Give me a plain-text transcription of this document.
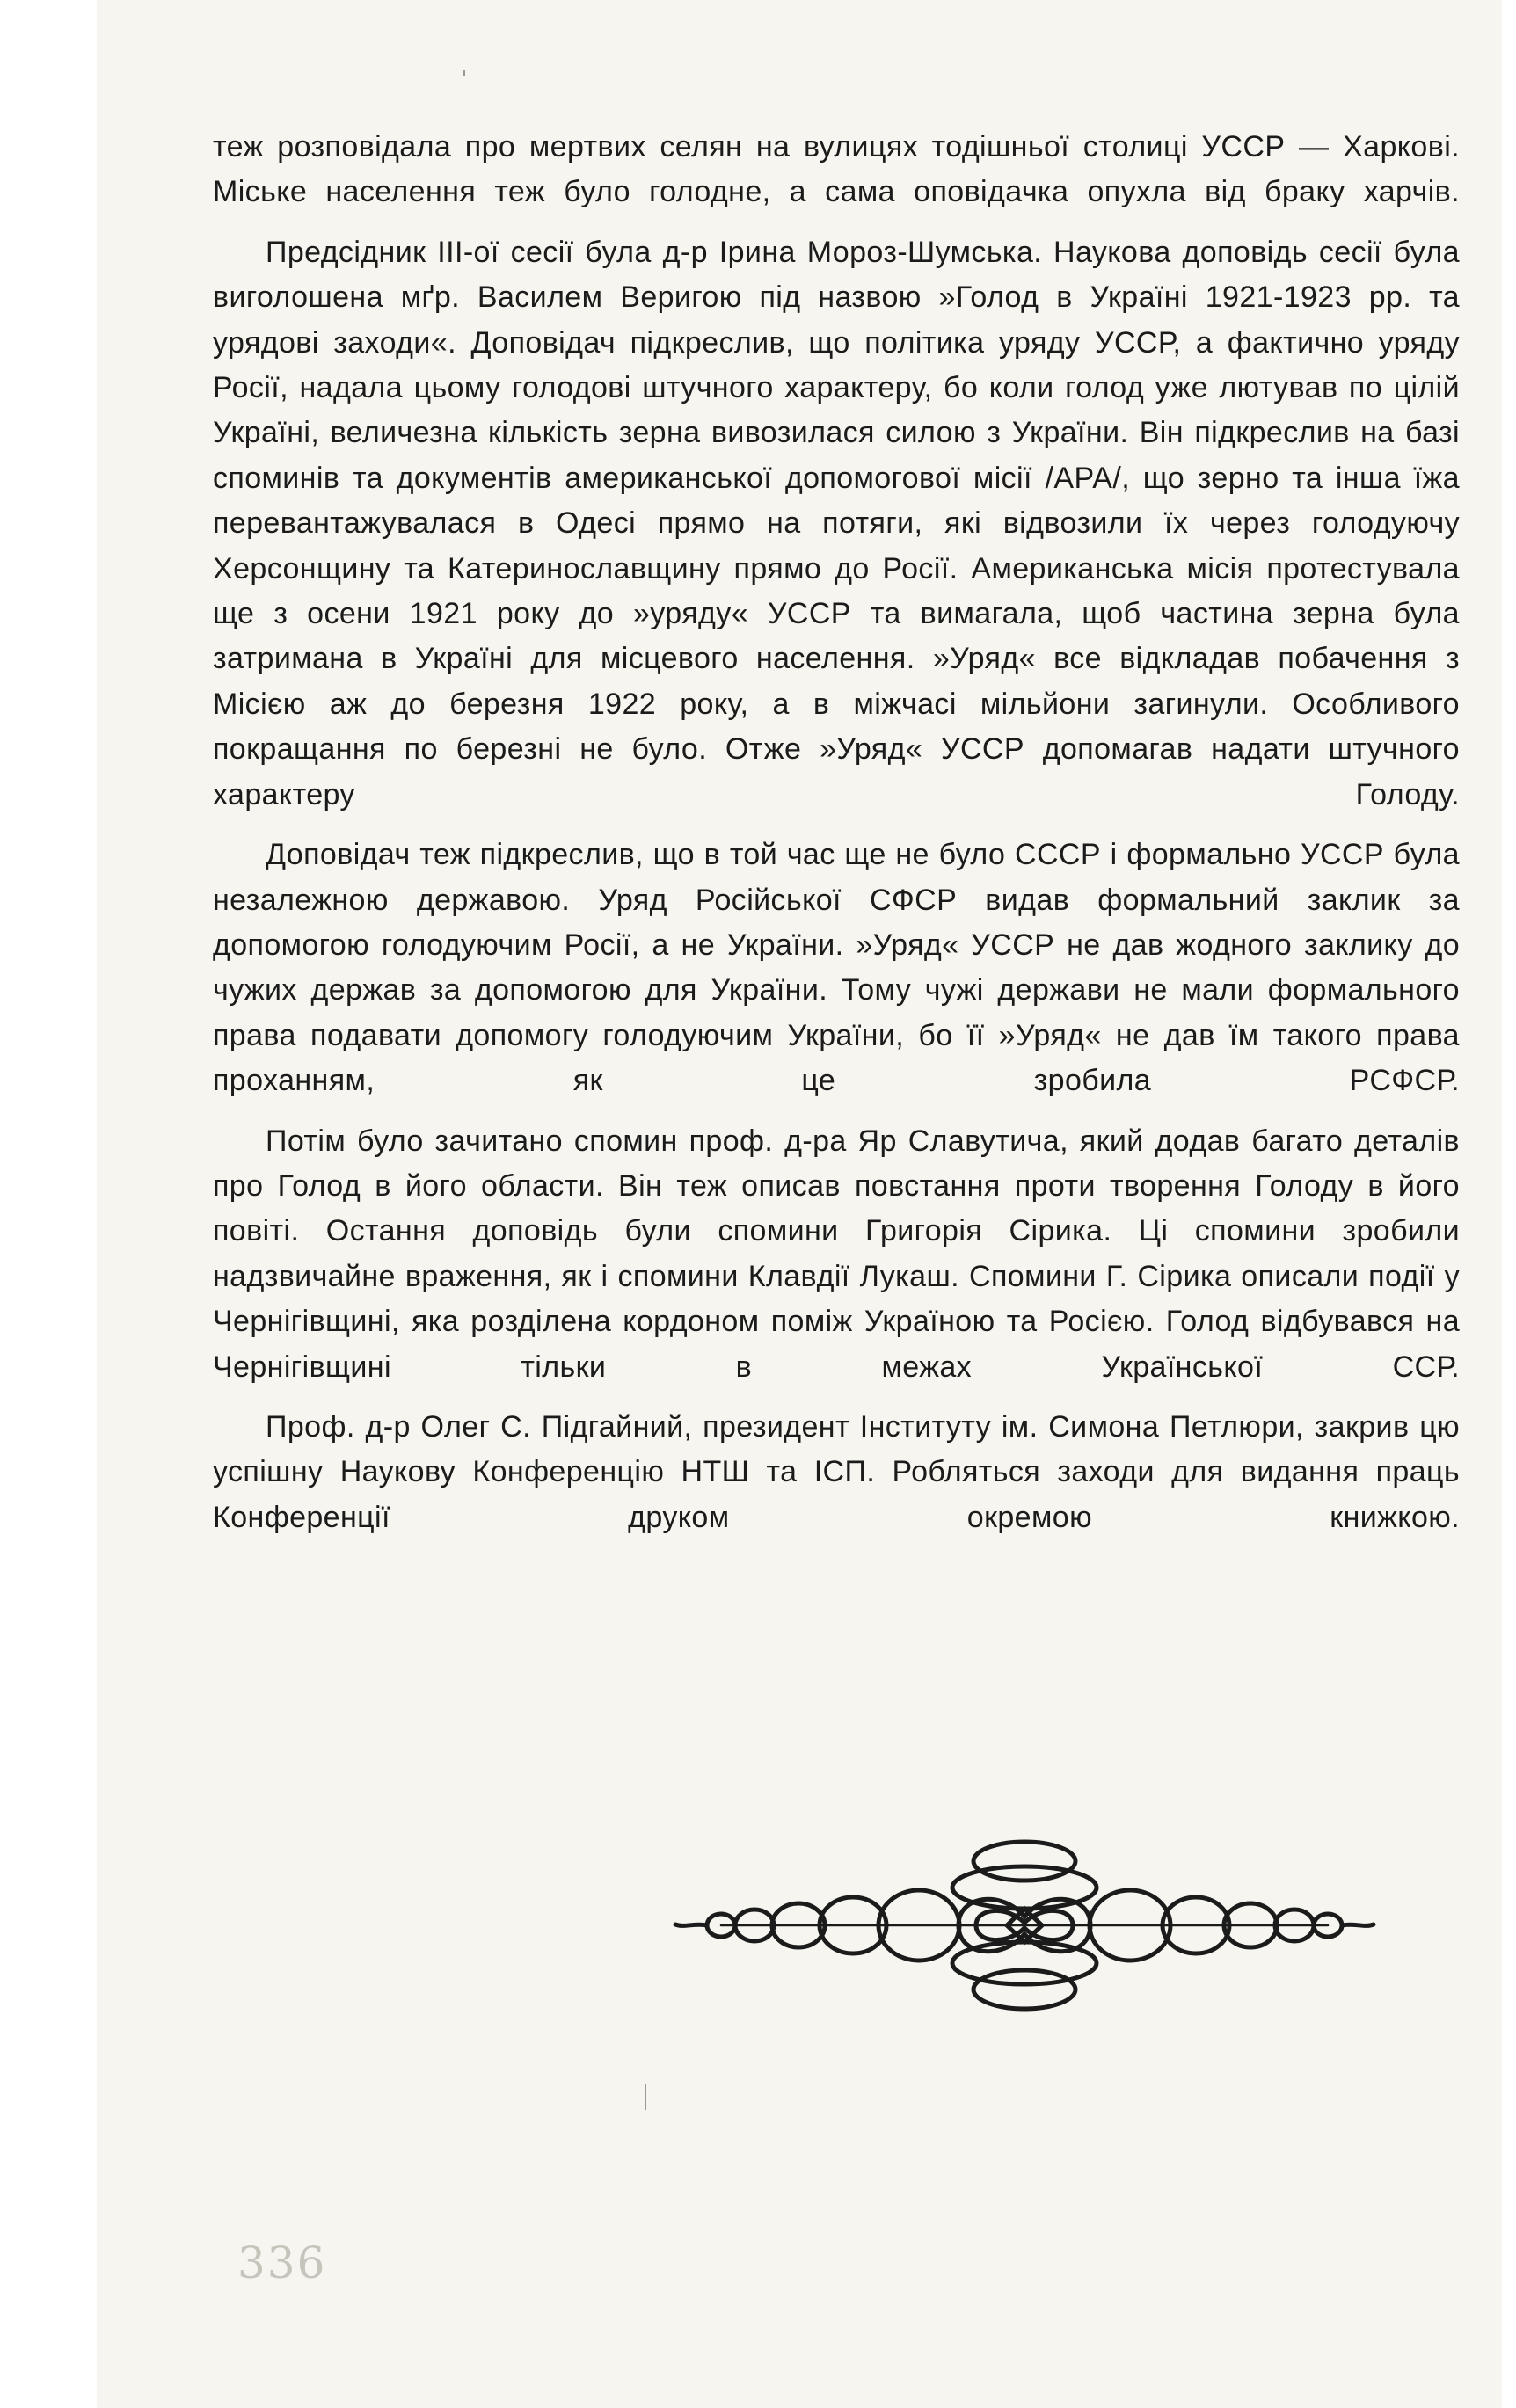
теж розповідала про мертвих селян на вулицях тодішньої столиці УССР — Харкові. Міське населення теж було голодне, а сама оповідачка опухла від браку харчів.

Предсідник ІІІ-ої сесії була д-р Ірина Мороз-Шумська. Наукова доповідь сесії була виголошена мґр. Василем Веригою під назвою »Голод в Україні 1921-1923 рр. та урядові заходи«. Доповідач підкреслив, що політика уряду УССР, а фактично уряду Росії, надала цьому голодові штучного характеру, бо коли голод уже лютував по цілій Україні, величезна кількість зерна вивозилася силою з України. Він підкреслив на базі споминів та документів американської допомогової місії /АРА/, що зерно та інша їжа перевантажувалася в Одесі прямо на потяги, які відвозили їх через голодуючу Херсонщину та Катеринославщину прямо до Росії. Американська місія протестувала ще з осени 1921 року до »уряду« УССР та вимагала, щоб частина зерна була затримана в Україні для місцевого населення. »Уряд« все відкладав побачення з Місією аж до березня 1922 року, а в міжчасі мільйони загинули. Особливого покращання по березні не було. Отже »Уряд« УССР допомагав надати штучного характеру Голоду.

Доповідач теж підкреслив, що в той час ще не було СССР і формально УССР була незалежною державою. Уряд Російської СФСР видав формальний заклик за допомогою голодуючим Росії, а не України. »Уряд« УССР не дав жодного заклику до чужих держав за допомогою для України. Тому чужі держави не мали формального права подавати допомогу голодуючим України, бо її »Уряд« не дав їм такого права проханням, як це зробила РСФСР.

Потім було зачитано спомин проф. д-ра Яр Славутича, який додав багато деталів про Голод в його области. Він теж описав повстання проти творення Голоду в його повіті. Остання доповідь були спомини Григорія Сірика. Ці спомини зробили надзвичайне враження, як і спомини Клавдії Лукаш. Спомини Г. Сірика описали події у Чернігівщині, яка розділена кордоном поміж Україною та Росією. Голод відбувався на Чернігівщині тільки в межах Української ССР.

Проф. д-р Олег С. Підгайний, президент Інституту ім. Симона Петлюри, закрив цю успішну Наукову Конференцію НТШ та ІСП. Робляться заходи для видання праць Конференції друком окремою книжкою.

336
